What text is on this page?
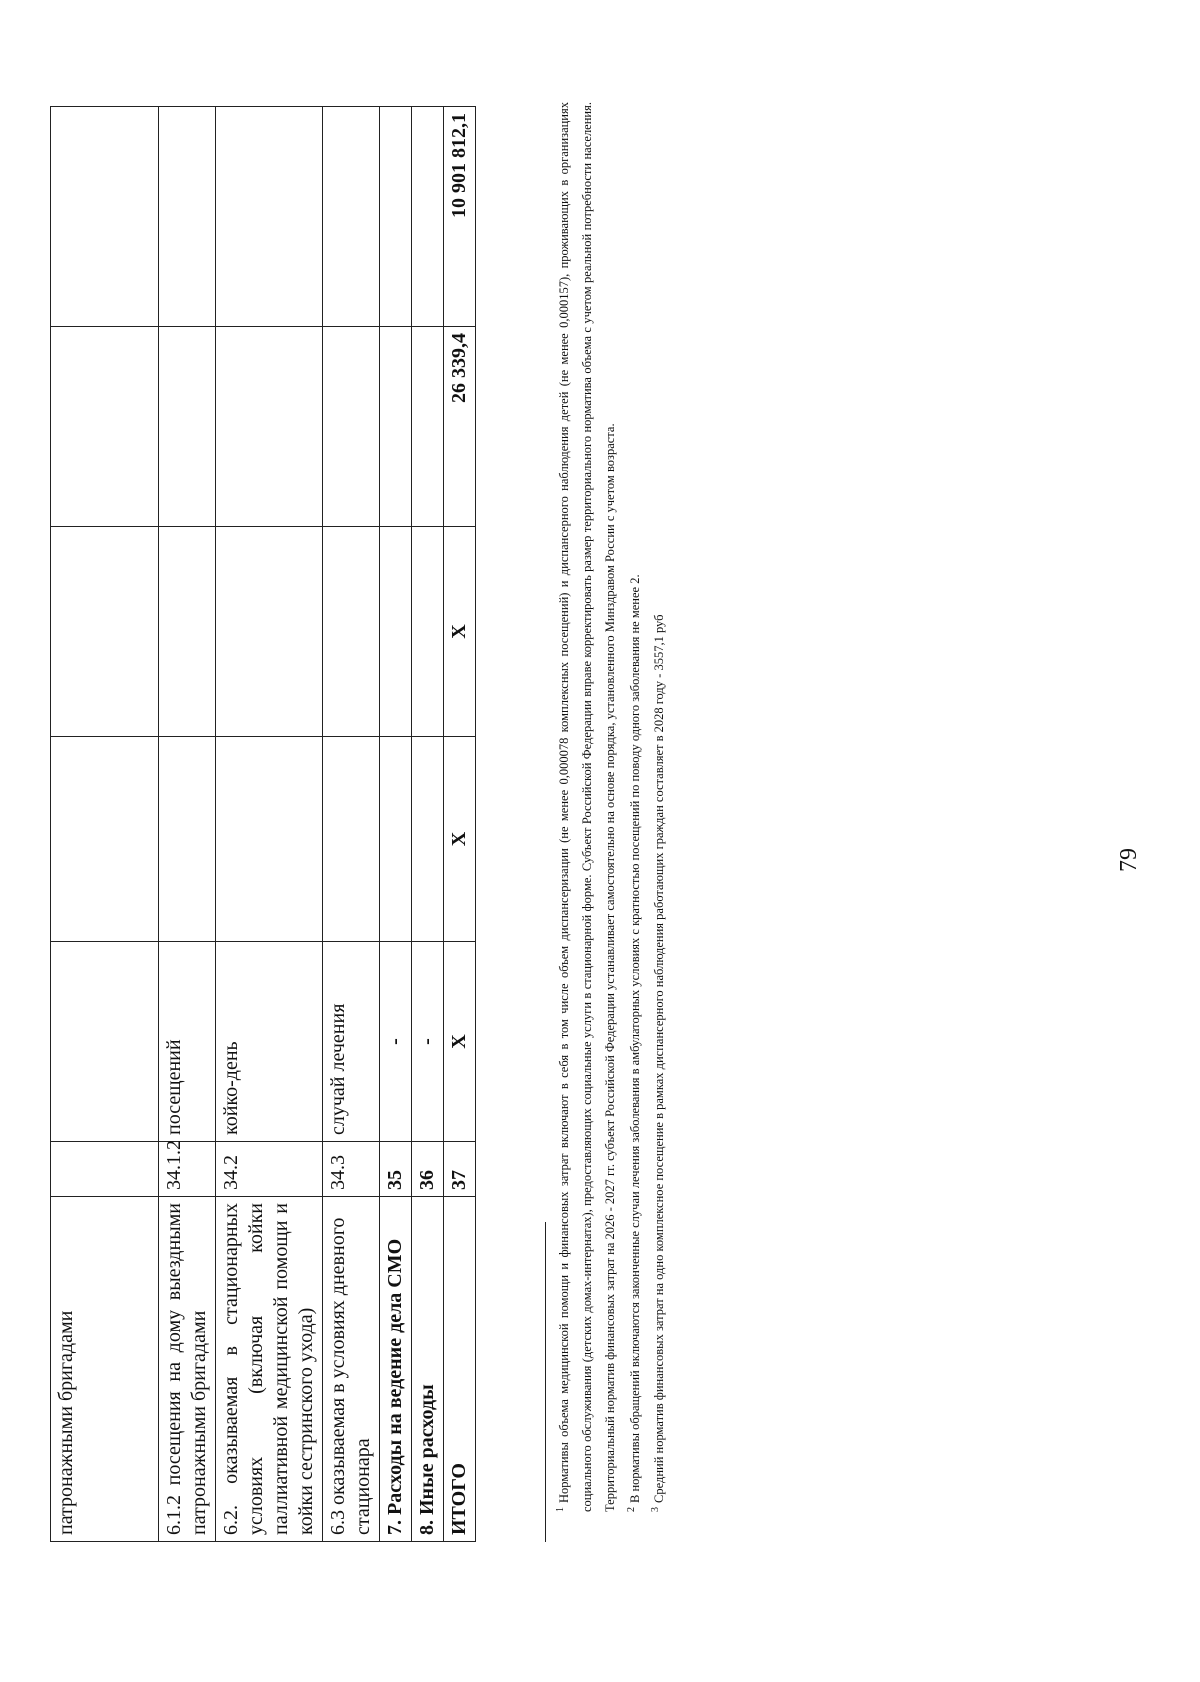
79
патронажными бригадами						
6.1.2 посещения на дому выездными патронажными бригадами	34.1.2	посещений				
6.2. оказываемая в стационарных условиях (включая койки паллиативной медицинской помощи и койки сестринского ухода)	34.2	койко-день				
6.3 оказываемая в условиях дневного стационара	34.3	случай лечения				
7. Расходы на ведение дела СМО	35	-				
8. Иные расходы	36	-				
ИТОГО	37	X	X	X	26 339,4	10 901 812,1
$^1$Нормативы объема медицинской помощи и финансовых затрат включают в себя в том числе объем диспансеризации (не менее 0,000078 комплексных посещений) и диспансерного наблюдения детей (не менее 0,000157), проживающих в организациях социального обслуживания (детских домах-интернатах), предоставляющих социальные услуги в стационарной форме. Субъект Российской Федерации вправе корректировать размер территориального норматива объема с учетом реальной потребности населения. Территориальный норматив финансовых затрат на 2026 - 2027 гг. субъект Российской Федерации устанавливает самостоятельно на основе порядка, установленного Минздравом России с учетом возраста. $^2$В нормативы обращений включаются законченные случаи лечения заболевания в амбулаторных условиях с кратностью посещений по поводу одного заболевания не менее 2.
$^3$Средний норматив финансовых затрат на одно комплексное посещение в рамках диспансерного наблюдения работающих граждан составляет в 2028 году - 3557,1 руб
